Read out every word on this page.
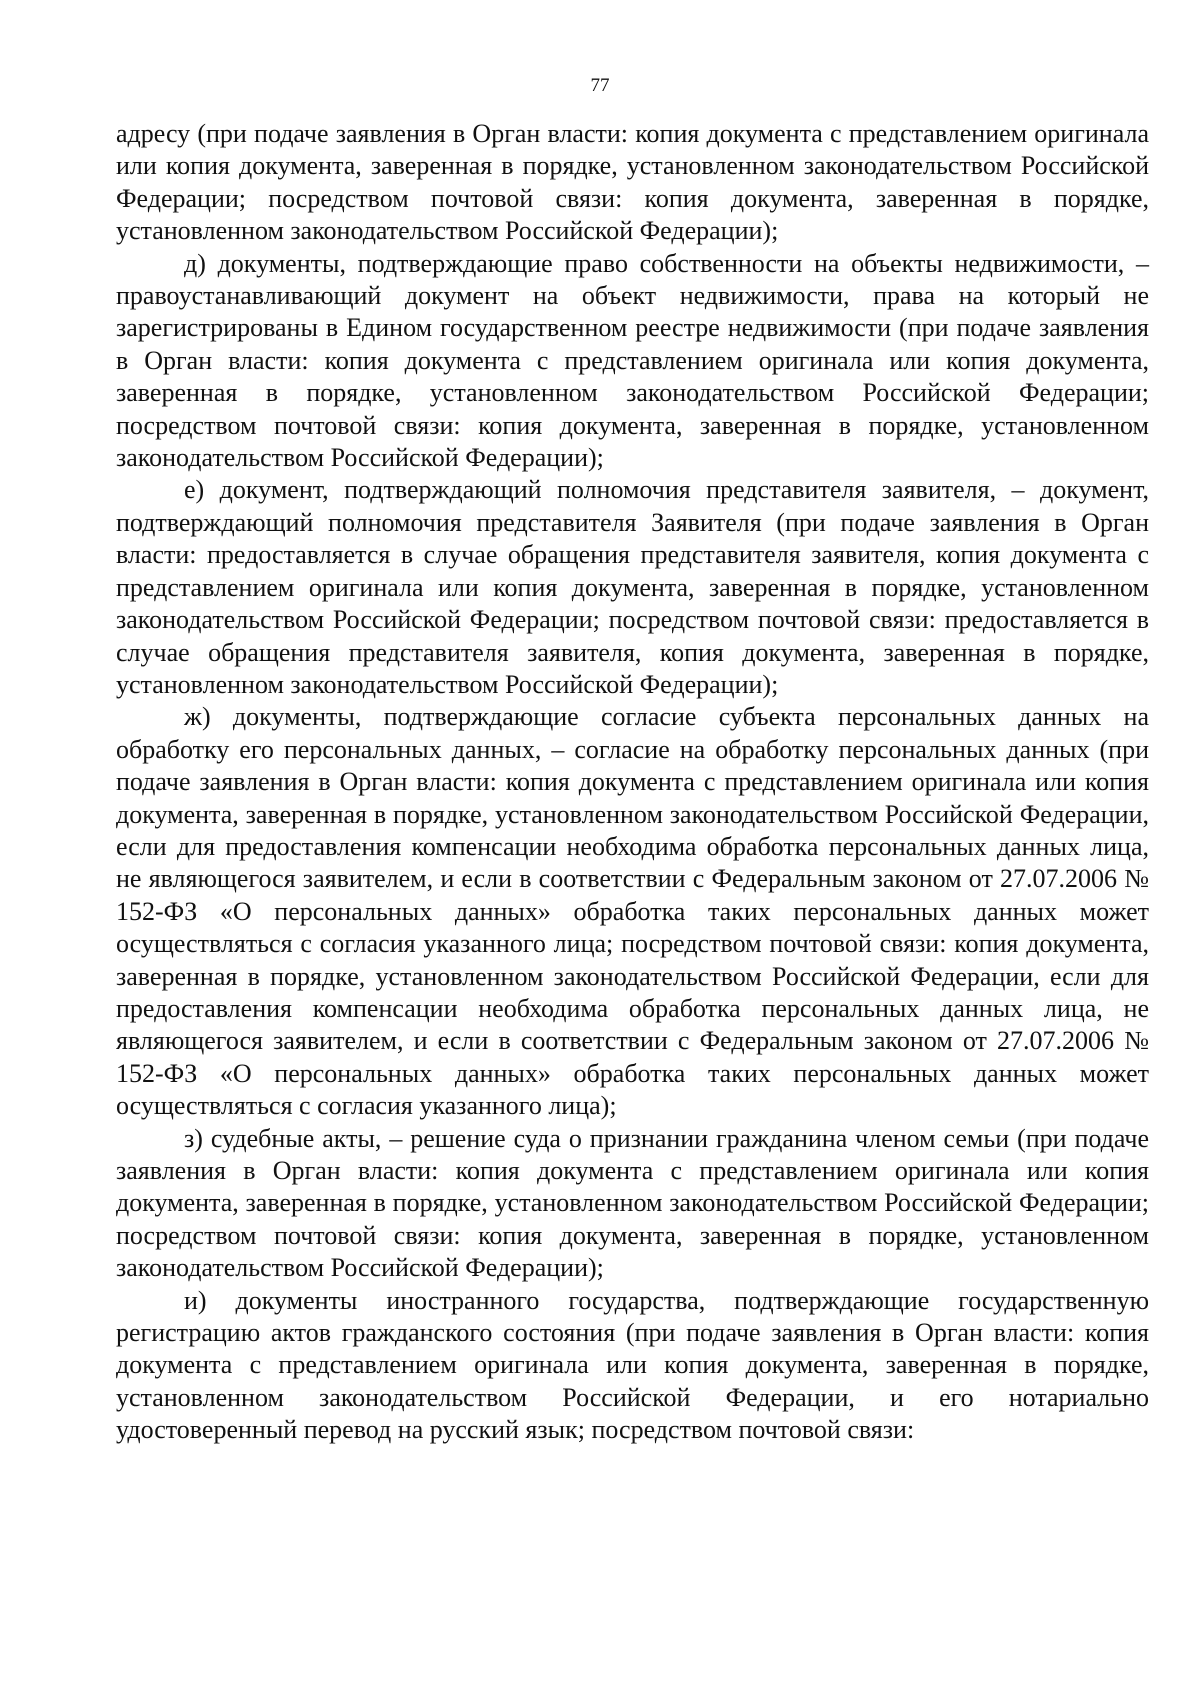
77

адресу (при подаче заявления в Орган власти: копия документа с представлением оригинала или копия документа, заверенная в порядке, установленном законодательством Российской Федерации; посредством почтовой связи: копия документа, заверенная в порядке, установленном законодательством Российской Федерации);

д) документы, подтверждающие право собственности на объекты недвижимости, – правоустанавливающий документ на объект недвижимости, права на который не зарегистрированы в Едином государственном реестре недвижимости (при подаче заявления в Орган власти: копия документа с представлением оригинала или копия документа, заверенная в порядке, установленном законодательством Российской Федерации; посредством почтовой связи: копия документа, заверенная в порядке, установленном законодательством Российской Федерации);

е) документ, подтверждающий полномочия представителя заявителя, – документ, подтверждающий полномочия представителя Заявителя (при подаче заявления в Орган власти: предоставляется в случае обращения представителя заявителя, копия документа с представлением оригинала или копия документа, заверенная в порядке, установленном законодательством Российской Федерации; посредством почтовой связи: предоставляется в случае обращения представителя заявителя, копия документа, заверенная в порядке, установленном законодательством Российской Федерации);

ж) документы, подтверждающие согласие субъекта персональных данных на обработку его персональных данных, – согласие на обработку персональных данных (при подаче заявления в Орган власти: копия документа с представлением оригинала или копия документа, заверенная в порядке, установленном законодательством Российской Федерации, если для предоставления компенсации необходима обработка персональных данных лица, не являющегося заявителем, и если в соответствии с Федеральным законом от 27.07.2006 № 152-ФЗ «О персональных данных» обработка таких персональных данных может осуществляться с согласия указанного лица; посредством почтовой связи: копия документа, заверенная в порядке, установленном законодательством Российской Федерации, если для предоставления компенсации необходима обработка персональных данных лица, не являющегося заявителем, и если в соответствии с Федеральным законом от 27.07.2006 № 152-ФЗ «О персональных данных» обработка таких персональных данных может осуществляться с согласия указанного лица);

з) судебные акты, – решение суда о признании гражданина членом семьи (при подаче заявления в Орган власти: копия документа с представлением оригинала или копия документа, заверенная в порядке, установленном законодательством Российской Федерации; посредством почтовой связи: копия документа, заверенная в порядке, установленном законодательством Российской Федерации);

и) документы иностранного государства, подтверждающие государственную регистрацию актов гражданского состояния (при подаче заявления в Орган власти: копия документа с представлением оригинала или копия документа, заверенная в порядке, установленном законодательством Российской Федерации, и его нотариально удостоверенный перевод на русский язык; посредством почтовой связи:
